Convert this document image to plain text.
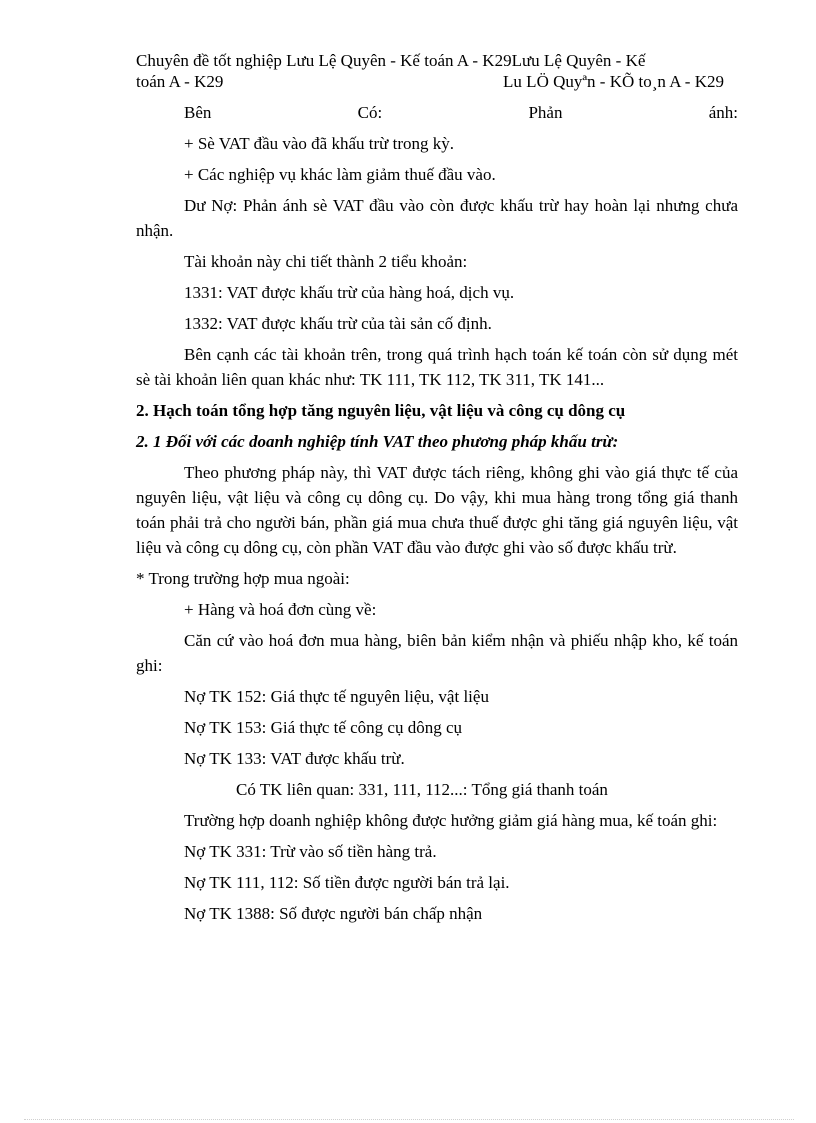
Chuyên đề tốt nghiệp Lưu Lệ Quyên - Kế toán A - K29Lưu Lệ Quyên - Kế
toán A - K29	Lu LÖ Quyªn - KÕ to¸n A - K29
Bên	Có:	Phản	ánh:

+ Sè VAT đầu vào đã khấu trừ trong kỳ.

+ Các nghiệp vụ khác làm giảm thuế đầu vào.

Dư Nợ: Phản ánh sè VAT đầu vào còn được khấu trừ hay hoàn lại nhưng chưa nhận.

Tài khoản này chi tiết thành 2 tiểu khoản:

1331: VAT được khấu trừ của hàng hoá, dịch vụ.

1332: VAT được khấu trừ của tài sản cố định.

Bên cạnh các tài khoản trên, trong quá trình hạch toán kế toán còn sử dụng mét sè tài khoản liên quan khác như: TK 111, TK 112, TK 311, TK 141...

2. Hạch toán tổng hợp tăng nguyên liệu, vật liệu và công cụ dông cụ

2. 1 Đối với các doanh nghiệp tính VAT theo phương pháp khấu trừ:

Theo phương pháp này, thì VAT được tách riêng, không ghi vào giá thực tế của nguyên liệu, vật liệu và công cụ dông cụ. Do vậy, khi mua hàng trong tổng giá thanh toán phải trả cho người bán, phần giá mua chưa thuế được ghi tăng giá nguyên liệu, vật liệu và công cụ dông cụ, còn phần VAT đầu vào được ghi vào số được khấu trừ.

* Trong trường hợp mua ngoài:

+ Hàng và hoá đơn cùng về:

Căn cứ vào hoá đơn mua hàng, biên bản kiểm nhận và phiếu nhập kho, kế toán ghi:

Nợ TK 152: Giá thực tế nguyên liệu, vật liệu

Nợ TK 153: Giá thực tế công cụ dông cụ

Nợ TK 133: VAT được khấu trừ.

Có TK liên quan: 331, 111, 112...: Tổng giá thanh toán

Trường hợp doanh nghiệp không được hưởng giảm giá hàng mua, kế toán ghi:

Nợ TK 331: Trừ vào số tiền hàng trả.

Nợ TK 111, 112: Số tiền được người bán trả lại.

Nợ TK 1388: Số được người bán chấp nhận
